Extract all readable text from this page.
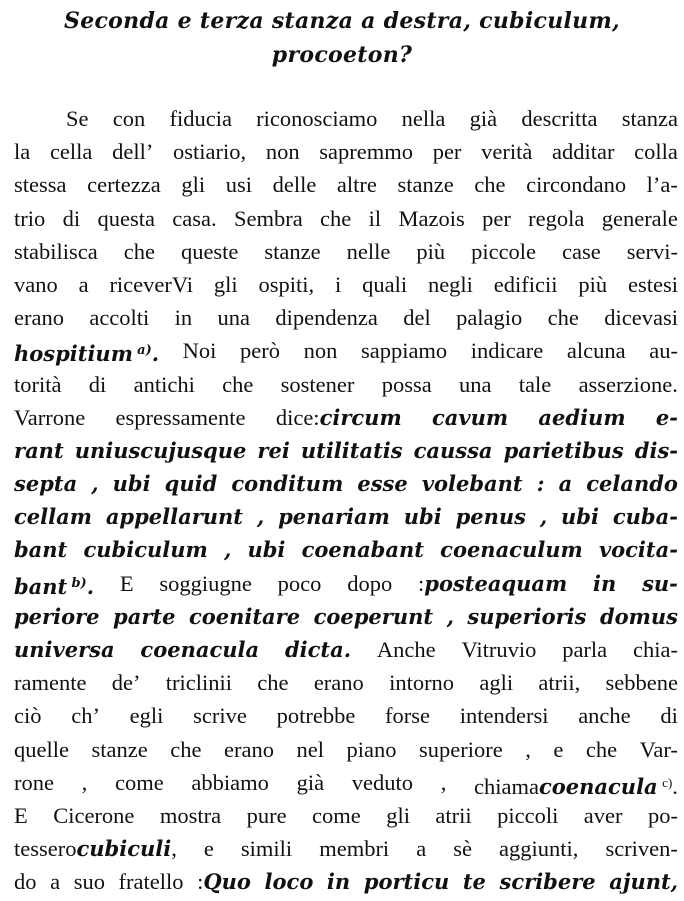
Seconda e terza stanza a destra, cubiculum,
procoeton?
Se con fiducia riconosciamo nella già descritta stanza
la cella dell’ ostiario, non sapremmo per verità additar colla
stessa certezza gli usi delle altre stanze che circondano l’a-
trio di questa casa. Sembra che il Mazois per regola generale
stabilisca che queste stanze nelle più piccole case servi-
vano a riceverVi gli ospiti, i quali negli edificii più estesi
erano accolti in una dipendenza del palagio che dicevasi
hospitium  a). Noi però non sappiamo indicare alcuna au-
torità di antichi che sostener possa una tale asserzione.
Varrone espressamente dice:circum cavum aedium e-
rant uniuscujusque rei utilitatis caussa parietibus dis-
septa , ubi quid conditum esse volebant : a celando
cellam appellarunt , penariam ubi penus , ubi cuba-
bant cubiculum , ubi coenabant coenaculum vocita-
bant  b). E soggiugne poco dopo :posteaquam in su-
periore parte coenitare coeperunt , superioris domus
universa coenacula dicta. Anche Vitruvio parla chia-
ramente de’ triclinii che erano intorno agli atrii, sebbene
ciò ch’ egli scrive potrebbe forse intendersi anche di
quelle stanze che erano nel piano superiore , e che Var-
rone , come abbiamo già veduto , chiamacoenacula  c).
E Cicerone mostra pure come gli atrii piccoli aver po-
tesserocubiculi, e simili membri a sè aggiunti, scriven-
do a suo fratello :Quo loco in porticu te scribere ajunt,
